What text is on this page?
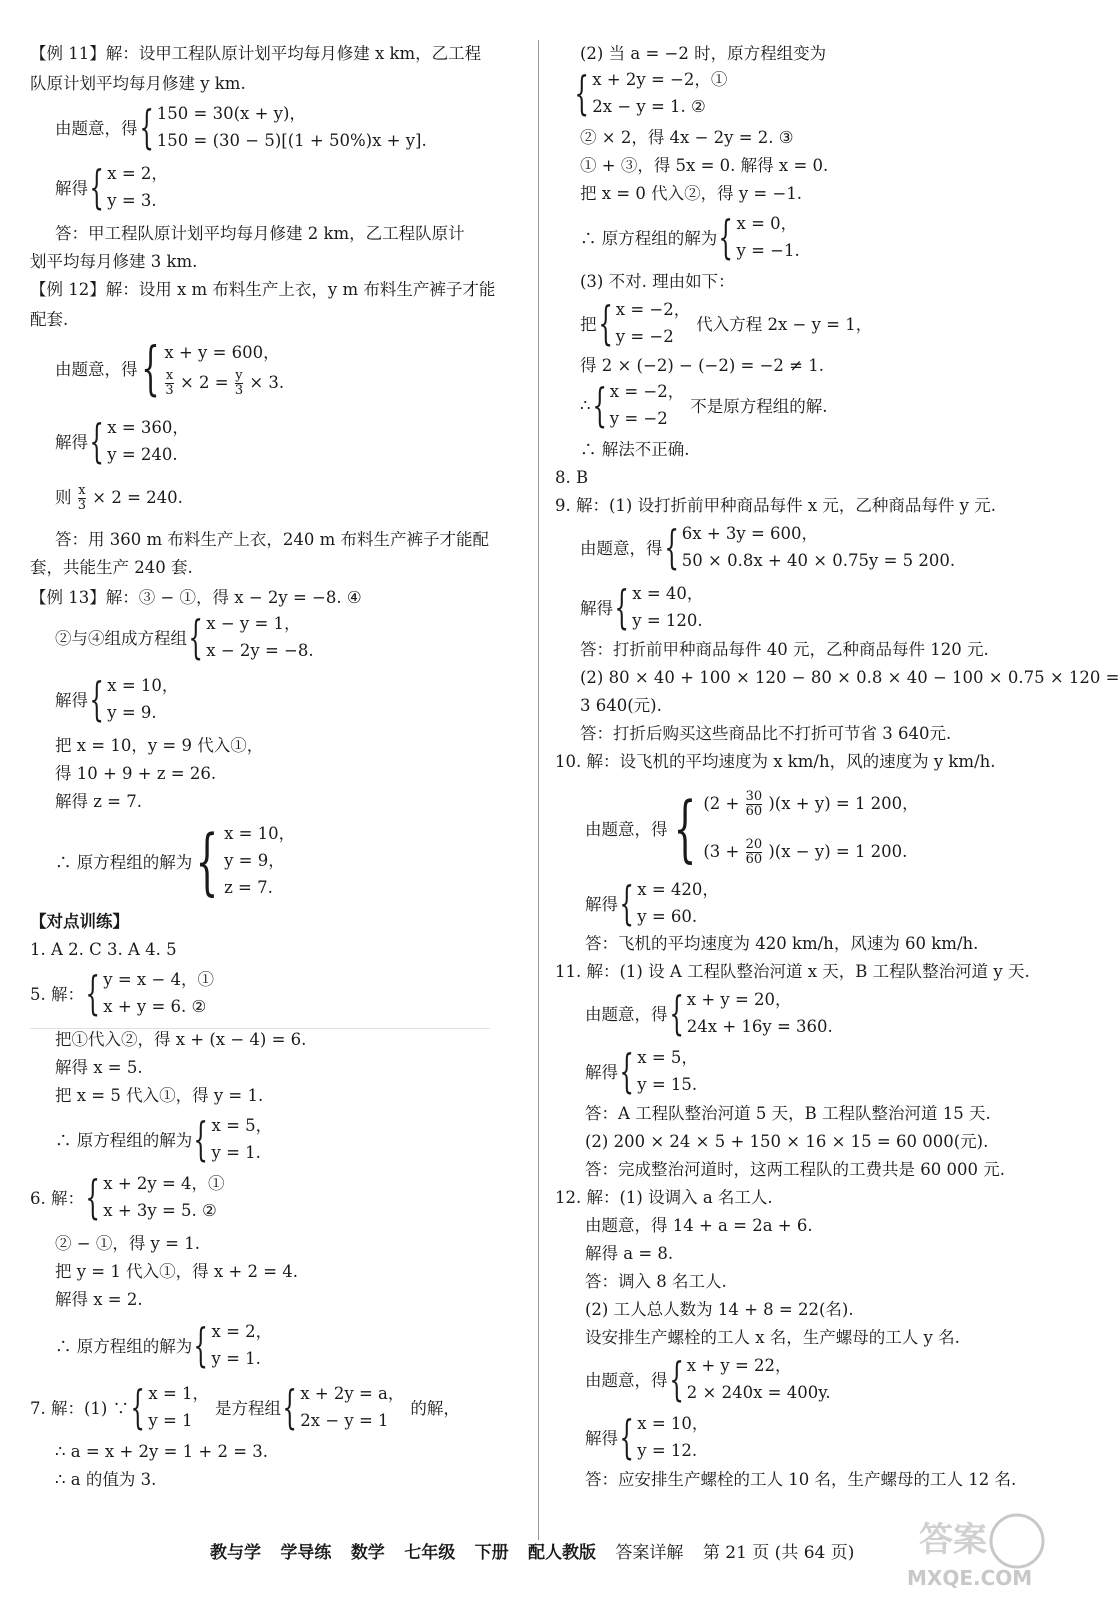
【例 11】解：设甲工程队原计划平均每月修建 x km，乙工程
队原计划平均每月修建 y km.
由题意，得 { 150 = 30(x + y)，
150 = (30 − 5)[(1 + 50%)x + y].
解得 { x = 2，
y = 3.
答：甲工程队原计划平均每月修建 2 km，乙工程队原计
划平均每月修建 3 km.
【例 12】解：设用 x m 布料生产上衣，y m 布料生产裤子才能
配套.
由题意，得 { x + y = 600，
$\frac{x}{3} \times 2 = \frac{y}{3} \times 3$.
解得 { x = 360，
y = 240.
则 $\frac{x}{3} \times 2 = 240$.
答：用 360 m 布料生产上衣，240 m 布料生产裤子才能配
套，共能生产 240 套.
【例 13】解：③ − ①，得 x − 2y = −8. ④
②与④组成方程组 { x − y = 1，
x − 2y = −8.
解得 { x = 10，
y = 9.
把 x = 10，y = 9 代入①，
得 10 + 9 + z = 26.
解得 z = 7.
∴ 原方程组的解为 { x = 10，
y = 9，
z = 7.
【对点训练】
1. A 2. C 3. A 4. 5
5. 解： { y = x − 4，①
x + y = 6. ②
把①代入②，得 x + (x − 4) = 6.
解得 x = 5.
把 x = 5 代入①，得 y = 1.
∴ 原方程组的解为 { x = 5，
y = 1.
6. 解： { x + 2y = 4，①
x + 3y = 5. ②
② − ①，得 y = 1.
把 y = 1 代入①，得 x + 2 = 4.
解得 x = 2.
∴ 原方程组的解为 { x = 2，
y = 1.
7. 解：(1) ∵ { x = 1，
y = 1
是方程组 { x + 2y = a，
2x − y = 1
的解，
∴ a = x + 2y = 1 + 2 = 3.
∴ a 的值为 3.
(2) 当 a = −2 时，原方程组变为
{ x + 2y = −2，①
2x − y = 1. ②
② × 2，得 4x − 2y = 2. ③
① + ③，得 5x = 0. 解得 x = 0.
把 x = 0 代入②，得 y = −1.
∴ 原方程组的解为 { x = 0，
y = −1.
(3) 不对. 理由如下：
把 { x = −2，
y = −2
代入方程 2x − y = 1，
得 2 × (−2) − (−2) = −2 ≠ 1.
∴ { x = −2，
y = −2
不是原方程组的解.
∴ 解法不正确.
8. B
9. 解：(1) 设打折前甲种商品每件 x 元，乙种商品每件 y 元.
由题意，得 { 6x + 3y = 600，
50 × 0.8x + 40 × 0.75y = 5 200.
解得 { x = 40，
y = 120.
答：打折前甲种商品每件 40 元，乙种商品每件 120 元.
(2) 80 × 40 + 100 × 120 − 80 × 0.8 × 40 − 100 × 0.75 × 120 =
3 640(元).
答：打折后购买这些商品比不打折可节省 3 640元.
10. 解：设飞机的平均速度为 x km/h，风的速度为 y km/h.
由题意，得 { $(2 + \frac{30}{60} )(x + y) = 1$ 200，
$(3 + \frac{20}{60} )(x - y) = 1$ 200.
解得 { x = 420，
y = 60.
答：飞机的平均速度为 420 km/h，风速为 60 km/h.
11. 解：(1) 设 A 工程队整治河道 x 天，B 工程队整治河道 y 天.
由题意，得 { x + y = 20，
24x + 16y = 360.
解得 { x = 5，
y = 15.
答：A 工程队整治河道 5 天，B 工程队整治河道 15 天.
(2) 200 × 24 × 5 + 150 × 16 × 15 = 60 000(元).
答：完成整治河道时，这两工程队的工费共是 60 000 元.
12. 解：(1) 设调入 a 名工人.
由题意，得 14 + a = 2a + 6.
解得 a = 8.
答：调入 8 名工人.
(2) 工人总人数为 14 + 8 = 22(名).
设安排生产螺栓的工人 x 名，生产螺母的工人 y 名.
由题意，得 { x + y = 22，
2 × 240x = 400y.
解得 { x = 10，
y = 12.
答：应安排生产螺栓的工人 10 名，生产螺母的工人 12 名.
教与学 学导练 数学 七年级 下册 配人教版 答案详解 第 21 页 (共 64 页)	答案
MXQE.COM
